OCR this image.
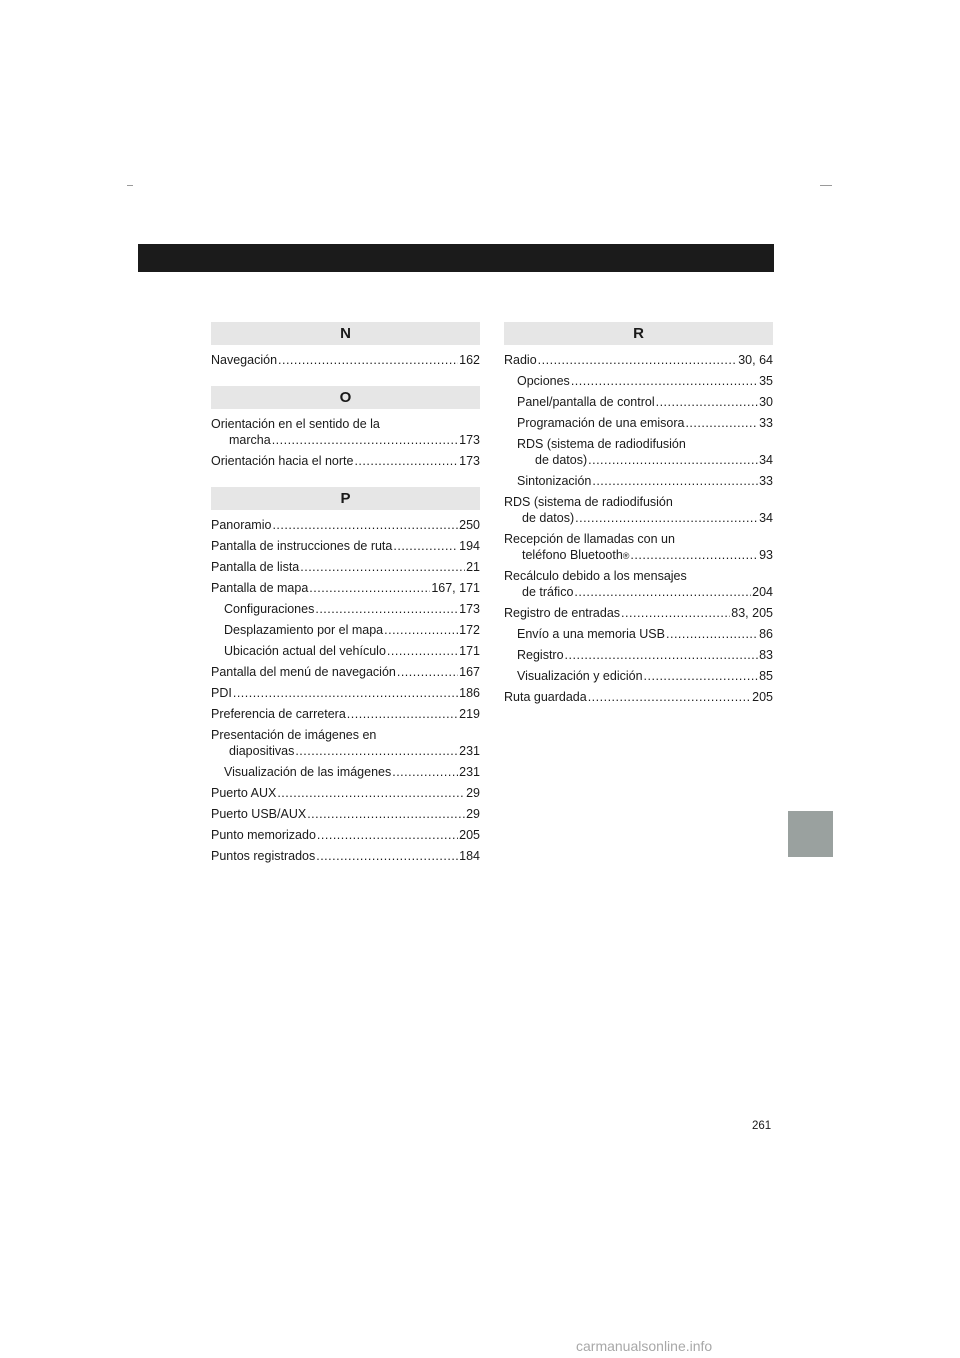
N
Navegación .....	162
O
Orientación en el sentido de la
marcha .....	173
Orientación hacia el norte .....	173
P
Panoramio .....	250
Pantalla de instrucciones de ruta .....	194
Pantalla de lista .....	21
Pantalla de mapa .....	167, 171
Configuraciones .....	173
Desplazamiento por el mapa .....	172
Ubicación actual del vehículo .....	171
Pantalla del menú de navegación .....	167
PDI .....	186
Preferencia de carretera .....	219
Presentación de imágenes en
diapositivas .....	231
Visualización de las imágenes .....	231
Puerto AUX .....	29
Puerto USB/AUX .....	29
Punto memorizado .....	205
Puntos registrados .....	184
R
Radio .....	30, 64
Opciones .....	35
Panel/pantalla de control .....	30
Programación de una emisora .....	33
RDS (sistema de radiodifusión
de datos) .....	34
Sintonización .....	33
RDS (sistema de radiodifusión
de datos) .....	34
Recepción de llamadas con un
teléfono Bluetooth ® .....	93
Recálculo debido a los mensajes
de tráfico .....	204
Registro de entradas .....	83, 205
Envío a una memoria USB .....	86
Registro .....	83
Visualización y edición .....	85
Ruta guardada .....	205
261
carmanualsonline.info
